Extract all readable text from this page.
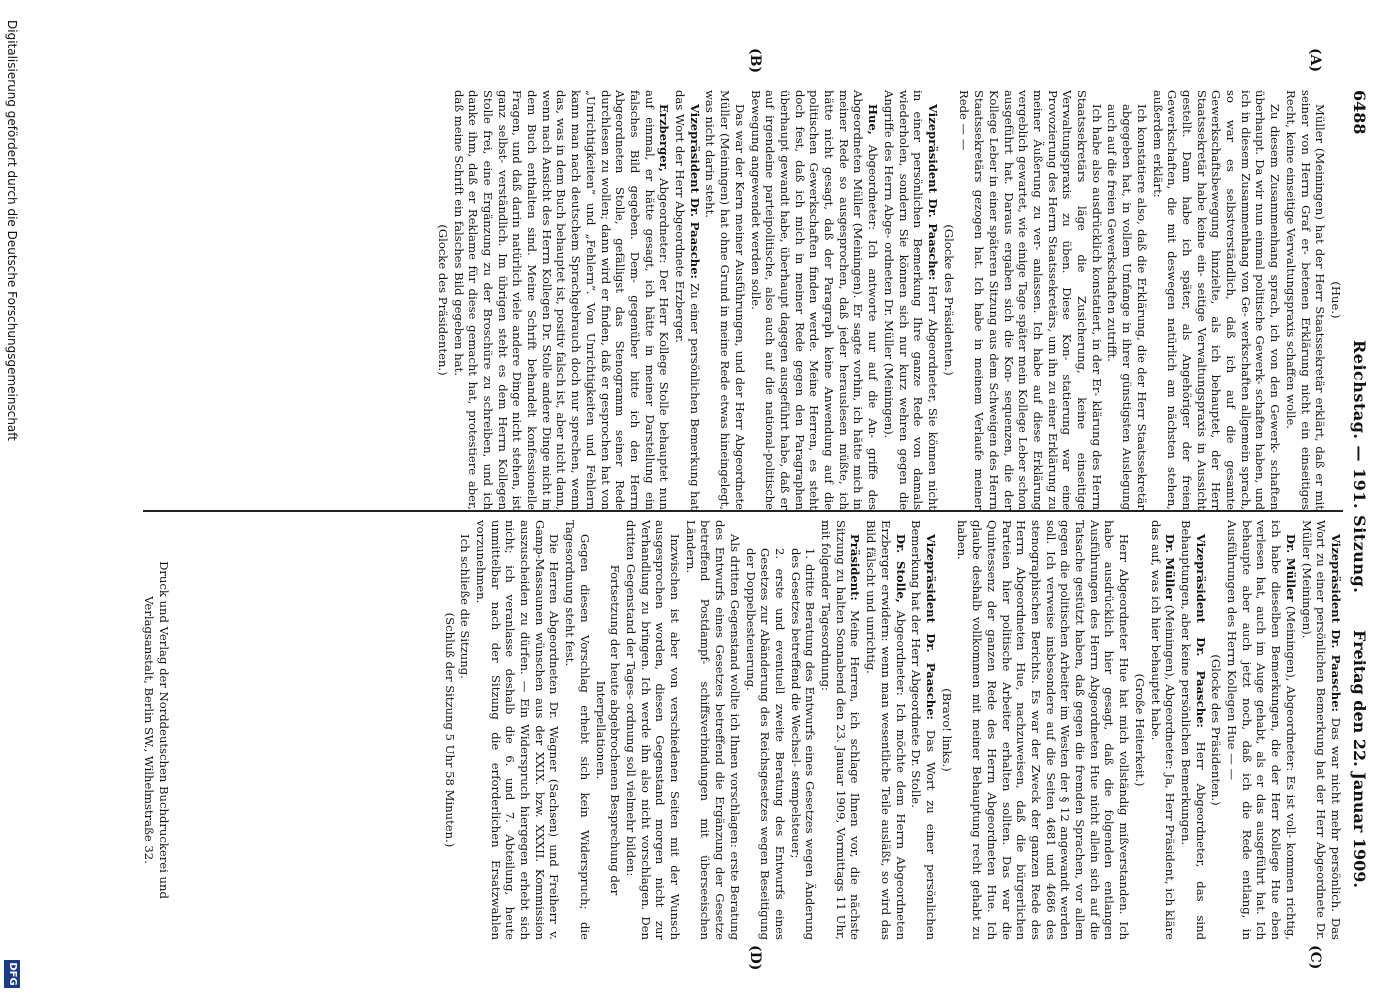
6488
Reichstag. — 191. Sitzung.
Freitag den 22. Januar 1909.
(A)
(B)
(C)
(D)

(Hue.)

Müller (Meiningen) hat der Herr Staatssekretär erklärt, daß er mit seiner von Herrn Graf er- betenen Erklärung nicht ein einseitiges Recht, keine einseitige Verwaltungspraxis schaffen wolle.

Zu diesem Zusammenhang sprach, ich von den Gewerk- schaften überhaupt. Da wir nun einmal politische Gewerk- schaften haben, und ich in diesem Zusammenhang von Ge- werkschaften allgemein sprach, so war es selbstverständlich, daß ich auf die gesamte Gewerkschaftsbewegung hinzielte, als ich behauptet, der Herr Staatssekretär habe keine ein- seitige Verwaltungspraxis in Aussicht gestellt. Dann habe ich später, als Angehöriger der freien Gewerkschaften, die mit deswegen natürlich am nächsten stehen, außerdem erklärt:

Ich konstatiere also, daß die Erklärung, die der Herr Staatssekretär abgegeben hat, in vollem Umfange in ihrer günstigsten Auslegung auch auf die freien Gewerkschaften zutrifft.

Ich habe also ausdrücklich konstatiert, in der Er- klärung des Herrn Staatssekretärs läge die Zusicherung, keine einseitige Verwaltungspraxis zu üben. Diese Kon- statierung war eine Provozierung des Herrn Staatssekretärs, um ihn zu einer Erklärung zu meiner Äußerung zu ver- anlassen. Ich habe auf diese Erklärung vergeblich gewartet, wie einige Tage später mein Kollege Leber schon ausgeführt hat. Daraus ergaben sich die Kon- sequenzen, die der Kollege Leber in einer späteren Sitzung aus dem Schweigen des Herrn Staatssekretärs gezogen hat. Ich habe in meinem Verlaufe meiner Rede — —

(Glocke des Präsidenten.)

Vizepräsident Dr. Paasche: Herr Abgeordneter, Sie können nicht in einer persönlichen Bemerkung Ihre ganze Rede von damals wiederholen, sondern Sie können sich nur kurz wehren gegen die Angriffe des Herrn Abge- ordneten Dr. Müller (Meiningen).

Hue, Abgeordneter: Ich antworte nur auf die An- griffe des Abgeordneten Müller (Meiningen). Er sagte vorhin, ich hätte mich in meiner Rede so ausgesprochen, daß jeder herauslesen müßte, ich hätte nicht gesagt, daß der Paragraph keine Anwendung auf die politischen Gewerkschaften finden werde. Meine Herren, es steht doch fest, daß ich mich in meiner Rede gegen den Paragraphen überhaupt gewandt habe, überhaupt dagegen ausgeführt habe, daß er auf irgendeine parteipolitische, also auch auf die national-politische Bewegung angewendet werden solle.

Das war der Kern meiner Ausführungen, und der Herr Abgeordnete Müller (Meiningen) hat ohne Grund in meine Rede etwas hineingelegt, was nicht darin steht.

Vizepräsident Dr. Paasche: Zu einer persönlichen Bemerkung hat das Wort der Herr Abgeordnete Erzberger.

Erzberger, Abgeordneter: Der Herr Kollege Stolle behauptet nun auf einmal, er hätte gesagt, ich hätte in meiner Darstellung ein falsches Bild gegeben. Dem- gegenüber bitte ich den Herrn Abgeordneten Stolle, gefälligst das Stenogramm seiner Rede durchlesen zu wollen; dann wird er finden, daß er gesprochen hat von „Unrichtigkeiten“ und „Fehlern“. Von Unrichtigkeiten und Fehlern kann man nach deutschem Sprachgebrauch doch nur sprechen, wenn das, was in dem Buch behauptet ist, positiv falsch ist, aber nicht dann, wenn nach Ansicht des Herrn Kollegen Dr. Stolle andere Dinge nicht in dem Buch enthalten sind. Meine Schrift behandelt konfessionelle Fragen, und daß darin natürlich viele andere Dinge nicht stehen, ist ganz selbst- verständlich. Im übrigen steht es dem Herrn Kollegen Stolle frei, eine Ergänzung zu der Broschüre zu schreiben, und ich danke ihm, daß er Reklame für diese gemacht hat, protestiere aber, daß meine Schrift ein falsches Bild gegeben hat.

(Glocke des Präsidenten.)

Vizepräsident Dr. Paasche: Das war nicht mehr persönlich. Das Wort zu einer persönlichen Bemerkung hat der Herr Abgeordnete Dr. Müller (Meiningen).

Dr. Müller (Meiningen), Abgeordneter: Es ist voll- kommen richtig, ich habe dieselben Bemerkungen, die der Herr Kollege Hue eben verlesen hat, auch im Auge gehabt, als er das ausgeführt hat. Ich behaupte aber auch jetzt noch, daß ich die Rede entlang, in Ausführungen des Herrn Kollegen Hue — —

(Glocke des Präsidenten.)

Vizepräsident Dr. Paasche: Herr Abgeordneter, das sind Behauptungen, aber keine persönlichen Bemerkungen.

Dr. Müller (Meiningen), Abgeordneter: Ja, Herr Präsident, ich kläre das auf, was ich hier behauptet habe.

(Große Heiterkeit.)

Herr Abgeordneter Hue hat mich vollständig mißverstanden. Ich habe ausdrücklich hier gesagt, daß die folgenden entlangen Ausführungen des Herrn Abgeordneten Hue nicht allein sich auf die Tatsache gestützt haben, daß gegen die fremden Sprachen, vor allem gegen die politischen Arbeiter im Westen der § 12 angewandt werden soll. Ich verweise insbesondere auf die Seiten 4681 und 4686 des stenographischen Berichts. Es war der Zweck der ganzen Rede des Herrn Abgeordneten Hue, nachzuweisen, daß die bürgerlichen Parteien hier politische Arbeiter erhalten sollten. Das war die Quintessenz der ganzen Rede des Herrn Abgeordneten Hue. Ich glaube deshalb vollkommen mit meiner Behauptung recht gehabt zu haben.

(Bravo! links.)

Vizepräsident Dr. Paasche: Das Wort zu einer persönlichen Bemerkung hat der Herr Abgeordnete Dr. Stolle.

Dr. Stolle, Abgeordneter: Ich möchte dem Herrn Abgeordneten Erzberger erwidern: wenn man wesentliche Teile ausläßt, so wird das Bild fälscht und unrichtig.

Präsident: Meine Herren, ich schlage Ihnen vor, die nächste Sitzung zu halten Sonnabend den 23. Januar 1909, Vormittags 11 Uhr, mit folgender Tagesordnung:

1. dritte Beratung des Entwurfs eines Gesetzes wegen Änderung des Gesetzes betreffend die Wechsel- stempelsteuer;

2. erste und eventuell zweite Beratung des Entwurfs eines Gesetzes zur Abänderung des Reichsgesetzes wegen Beseitigung der Doppelbesteuerung.

Als dritten Gegenstand wollte ich Ihnen vorschlagen: erste Beratung des Entwurfs eines Gesetzes betreffend die Ergänzung der Gesetze betreffend Postdampf- schiffsverbindungen mit überseeischen Ländern.

Inzwischen ist aber von verschiedenen Seiten mit der Wunsch ausgesprochen worden, diesen Gegenstand morgen nicht zur Verhandlung zu bringen. Ich werde ihn also nicht vorschlagen. Den dritten Gegenstand der Tages- ordnung soll vielmehr bilden:

Fortsetzung der heute abgebrochenen Besprechung der Interpellationen.

Gegen diesen Vorschlag erhebt sich kein Widerspruch; die Tagesordnung steht fest.

Die Herren Abgeordneten Dr. Wagner (Sachsen) und Freiherr v. Gamp-Massaunen wünschen aus der XXIX. bzw. XXXII. Kommission auszuscheiden zu dürfen. — Ein Widerspruch hiergegen erhebt sich nicht; ich veranlasse deshalb die 6. und 7. Abteilung, heute unmittelbar nach der Sitzung die erforderlichen Ersatzwahlen vorzunehmen.

Ich schließe die Sitzung.

(Schluß der Sitzung 5 Uhr 58 Minuten.)

Druck und Verlag der Norddeutschen Buchdruckerei und Verlagsanstalt, Berlin SW., Wilhelmstraße 32.
Digitalisierung gefördert durch die Deutsche Forschungsgemeinschaft
DFG
